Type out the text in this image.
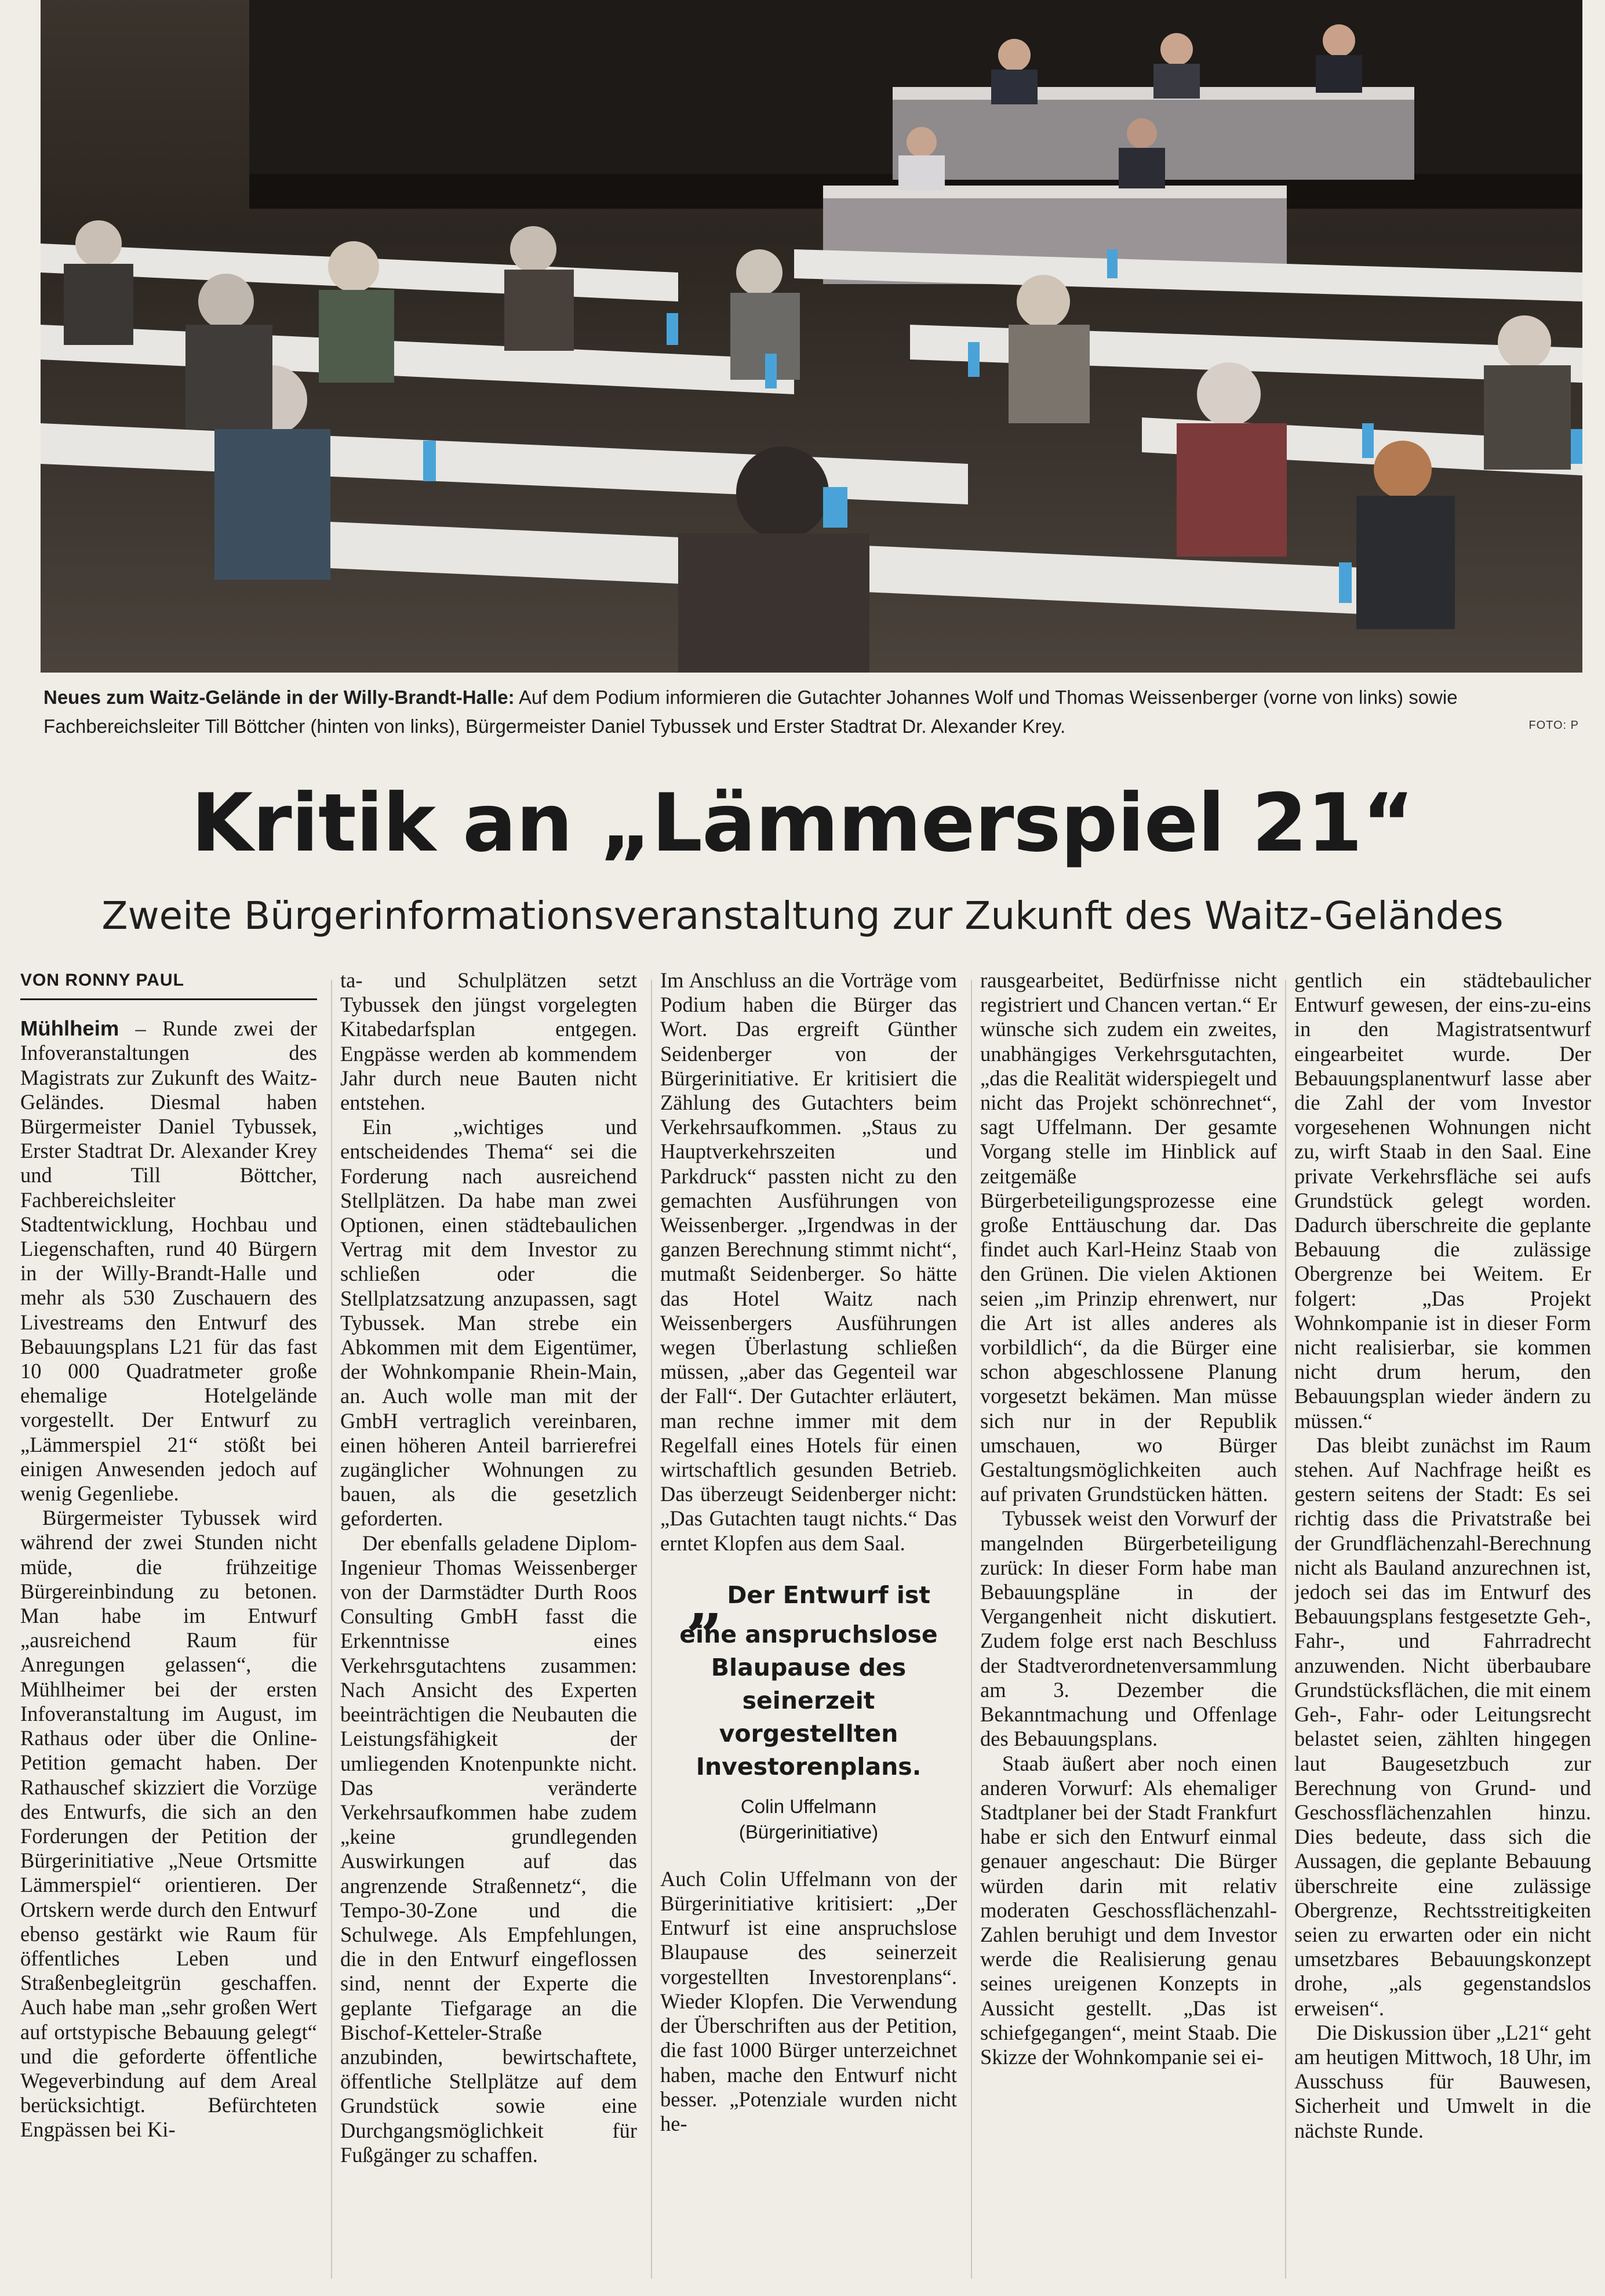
Neues zum Waitz-Gelände in der Willy-Brandt-Halle: Auf dem Podium informieren die Gutachter Johannes Wolf und Thomas Weissenberger (vorne von links) sowie Fachbereichsleiter Till Böttcher (hinten von links), Bürgermeister Daniel Tybussek und Erster Stadtrat Dr. Alexander Krey.	FOTO: P
Kritik an „Lämmerspiel 21“
Zweite Bürgerinformationsveranstaltung zur Zukunft des Waitz-Geländes
VON RONNY PAUL

Mühlheim – Runde zwei der Infoveranstaltungen des Magistrats zur Zukunft des Waitz-Geländes. Diesmal haben Bürgermeister Daniel Tybussek, Erster Stadtrat Dr. Alexander Krey und Till Böttcher, Fachbereichsleiter Stadtentwicklung, Hochbau und Liegenschaften, rund 40 Bürgern in der Willy-Brandt-Halle und mehr als 530 Zuschauern des Livestreams den Entwurf des Bebauungsplans L21 für das fast 10 000 Quadratmeter große ehemalige Hotelgelände vorgestellt. Der Entwurf zu „Lämmerspiel 21“ stößt bei einigen Anwesenden jedoch auf wenig Gegenliebe.

Bürgermeister Tybussek wird während der zwei Stunden nicht müde, die frühzeitige Bürgereinbindung zu betonen. Man habe im Entwurf „ausreichend Raum für Anregungen gelassen“, die Mühlheimer bei der ersten Infoveranstaltung im August, im Rathaus oder über die Online-Petition gemacht haben. Der Rathauschef skizziert die Vorzüge des Entwurfs, die sich an den Forderungen der Petition der Bürgerinitiative „Neue Ortsmitte Lämmerspiel“ orientieren. Der Ortskern werde durch den Entwurf ebenso gestärkt wie Raum für öffentliches Leben und Straßenbegleitgrün geschaffen. Auch habe man „sehr großen Wert auf ortstypische Bebauung gelegt“ und die geforderte öffentliche Wegeverbindung auf dem Areal berücksichtigt. Befürchteten Engpässen bei Ki-

ta- und Schulplätzen setzt Tybussek den jüngst vorgelegten Kitabedarfsplan entgegen. Engpässe werden ab kommendem Jahr durch neue Bauten nicht entstehen.

Ein „wichtiges und entscheidendes Thema“ sei die Forderung nach ausreichend Stellplätzen. Da habe man zwei Optionen, einen städtebaulichen Vertrag mit dem Investor zu schließen oder die Stellplatzsatzung anzupassen, sagt Tybussek. Man strebe ein Abkommen mit dem Eigentümer, der Wohnkompanie Rhein-Main, an. Auch wolle man mit der GmbH vertraglich vereinbaren, einen höheren Anteil barrierefrei zugänglicher Wohnungen zu bauen, als die gesetzlich geforderten.

Der ebenfalls geladene Diplom-Ingenieur Thomas Weissenberger von der Darmstädter Durth Roos Consulting GmbH fasst die Erkenntnisse eines Verkehrsgutachtens zusammen: Nach Ansicht des Experten beeinträchtigen die Neubauten die Leistungsfähigkeit der umliegenden Knotenpunkte nicht. Das veränderte Verkehrsaufkommen habe zudem „keine grundlegenden Auswirkungen auf das angrenzende Straßennetz“, die Tempo-30-Zone und die Schulwege. Als Empfehlungen, die in den Entwurf eingeflossen sind, nennt der Experte die geplante Tiefgarage an die Bischof-Ketteler-Straße anzubinden, bewirtschaftete, öffentliche Stellplätze auf dem Grundstück sowie eine Durchgangsmöglichkeit für Fußgänger zu schaffen.

Im Anschluss an die Vorträge vom Podium haben die Bürger das Wort. Das ergreift Günther Seidenberger von der Bürgerinitiative. Er kritisiert die Zählung des Gutachters beim Verkehrsaufkommen. „Staus zu Hauptverkehrszeiten und Parkdruck“ passten nicht zu den gemachten Ausführungen von Weissenberger. „Irgendwas in der ganzen Berechnung stimmt nicht“, mutmaßt Seidenberger. So hätte das Hotel Waitz nach Weissenbergers Ausführungen wegen Überlastung schließen müssen, „aber das Gegenteil war der Fall“. Der Gutachter erläutert, man rechne immer mit dem Regelfall eines Hotels für einen wirtschaftlich gesunden Betrieb. Das überzeugt Seidenberger nicht: „Das Gutachten taugt nichts.“ Das erntet Klopfen aus dem Saal.

„ Der Entwurf ist eine anspruchslose Blaupause des seinerzeit vorgestellten Investorenplans.
Colin Uffelmann
(Bürgerinitiative)

Auch Colin Uffelmann von der Bürgerinitiative kritisiert: „Der Entwurf ist eine anspruchslose Blaupause des seinerzeit vorgestellten Investorenplans“. Wieder Klopfen. Die Verwendung der Überschriften aus der Petition, die fast 1000 Bürger unterzeichnet haben, mache den Entwurf nicht besser. „Potenziale wurden nicht he-

rausgearbeitet, Bedürfnisse nicht registriert und Chancen vertan.“ Er wünsche sich zudem ein zweites, unabhängiges Verkehrsgutachten, „das die Realität widerspiegelt und nicht das Projekt schönrechnet“, sagt Uffelmann. Der gesamte Vorgang stelle im Hinblick auf zeitgemäße Bürgerbeteiligungsprozesse eine große Enttäuschung dar. Das findet auch Karl-Heinz Staab von den Grünen. Die vielen Aktionen seien „im Prinzip ehrenwert, nur die Art ist alles anderes als vorbildlich“, da die Bürger eine schon abgeschlossene Planung vorgesetzt bekämen. Man müsse sich nur in der Republik umschauen, wo Bürger Gestaltungsmöglichkeiten auch auf privaten Grundstücken hätten.

Tybussek weist den Vorwurf der mangelnden Bürgerbeteiligung zurück: In dieser Form habe man Bebauungspläne in der Vergangenheit nicht diskutiert. Zudem folge erst nach Beschluss der Stadtverordnetenversammlung am 3. Dezember die Bekanntmachung und Offenlage des Bebauungsplans.

Staab äußert aber noch einen anderen Vorwurf: Als ehemaliger Stadtplaner bei der Stadt Frankfurt habe er sich den Entwurf einmal genauer angeschaut: Die Bürger würden darin mit relativ moderaten Geschossflächenzahl-Zahlen beruhigt und dem Investor werde die Realisierung genau seines ureigenen Konzepts in Aussicht gestellt. „Das ist schiefgegangen“, meint Staab. Die Skizze der Wohnkompanie sei ei-

gentlich ein städtebaulicher Entwurf gewesen, der eins-zu-eins in den Magistratsentwurf eingearbeitet wurde. Der Bebauungsplanentwurf lasse aber die Zahl der vom Investor vorgesehenen Wohnungen nicht zu, wirft Staab in den Saal. Eine private Verkehrsfläche sei aufs Grundstück gelegt worden. Dadurch überschreite die geplante Bebauung die zulässige Obergrenze bei Weitem. Er folgert: „Das Projekt Wohnkompanie ist in dieser Form nicht realisierbar, sie kommen nicht drum herum, den Bebauungsplan wieder ändern zu müssen.“

Das bleibt zunächst im Raum stehen. Auf Nachfrage heißt es gestern seitens der Stadt: Es sei richtig dass die Privatstraße bei der Grundflächenzahl-Berechnung nicht als Bauland anzurechnen ist, jedoch sei das im Entwurf des Bebauungsplans festgesetzte Geh-, Fahr-, und Fahrradrecht anzuwenden. Nicht überbaubare Grundstücksflächen, die mit einem Geh-, Fahr- oder Leitungsrecht belastet seien, zählten hingegen laut Baugesetzbuch zur Berechnung von Grund- und Geschossflächenzahlen hinzu. Dies bedeute, dass sich die Aussagen, die geplante Bebauung überschreite eine zulässige Obergrenze, Rechtsstreitigkeiten seien zu erwarten oder ein nicht umsetzbares Bebauungskonzept drohe, „als gegenstandslos erweisen“.

Die Diskussion über „L21“ geht am heutigen Mittwoch, 18 Uhr, im Ausschuss für Bauwesen, Sicherheit und Umwelt in die nächste Runde.
